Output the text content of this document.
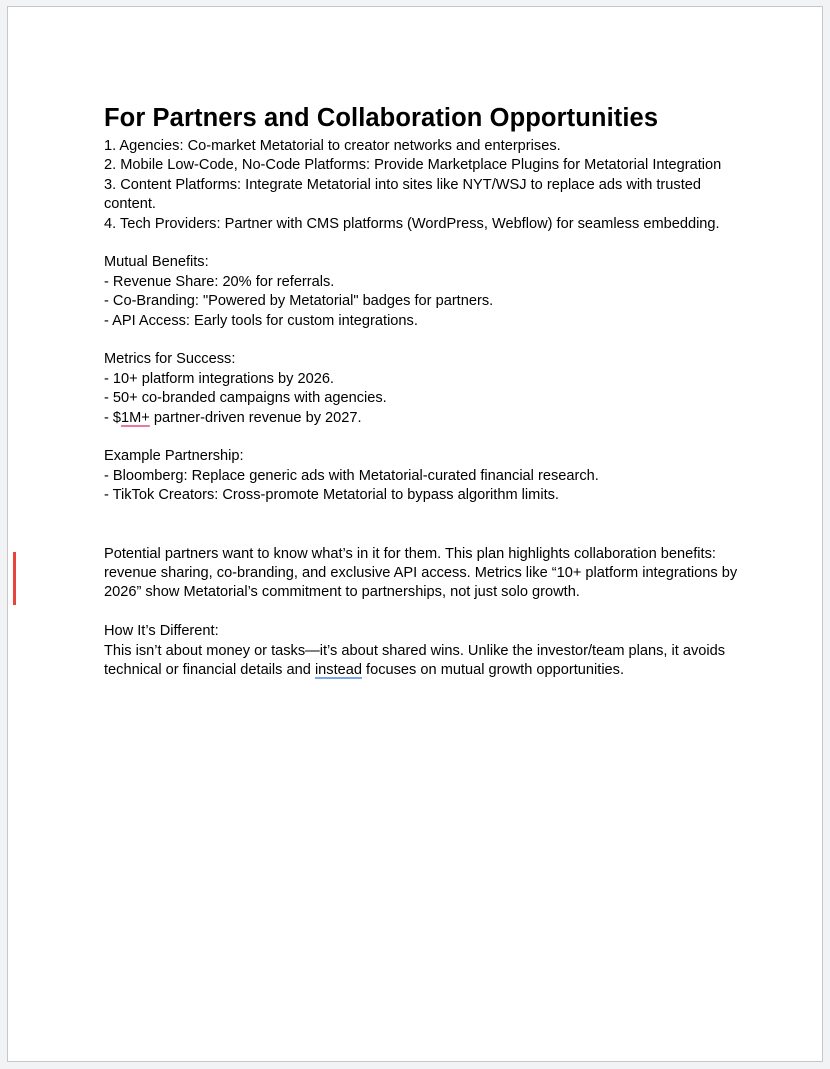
For Partners and Collaboration Opportunities

1. Agencies: Co-market Metatorial to creator networks and enterprises.

2. Mobile Low-Code, No-Code Platforms: Provide Marketplace Plugins for Metatorial Integration

3. Content Platforms: Integrate Metatorial into sites like NYT/WSJ to replace ads with trusted content.

4. Tech Providers: Partner with CMS platforms (WordPress, Webflow) for seamless embedding.

Mutual Benefits:

- Revenue Share: 20% for referrals.

- Co-Branding: "Powered by Metatorial" badges for partners.

- API Access: Early tools for custom integrations.

Metrics for Success:

- 10+ platform integrations by 2026.

- 50+ co-branded campaigns with agencies.

- $1M+ partner-driven revenue by 2027.

Example Partnership:

- Bloomberg: Replace generic ads with Metatorial-curated financial research.

- TikTok Creators: Cross-promote Metatorial to bypass algorithm limits.

Potential partners want to know what’s in it for them. This plan highlights collaboration benefits: revenue sharing, co-branding, and exclusive API access. Metrics like “10+ platform integrations by 2026” show Metatorial’s commitment to partnerships, not just solo growth.

How It’s Different:

This isn’t about money or tasks—it’s about shared wins. Unlike the investor/team plans, it avoids technical or financial details and instead focuses on mutual growth opportunities.
